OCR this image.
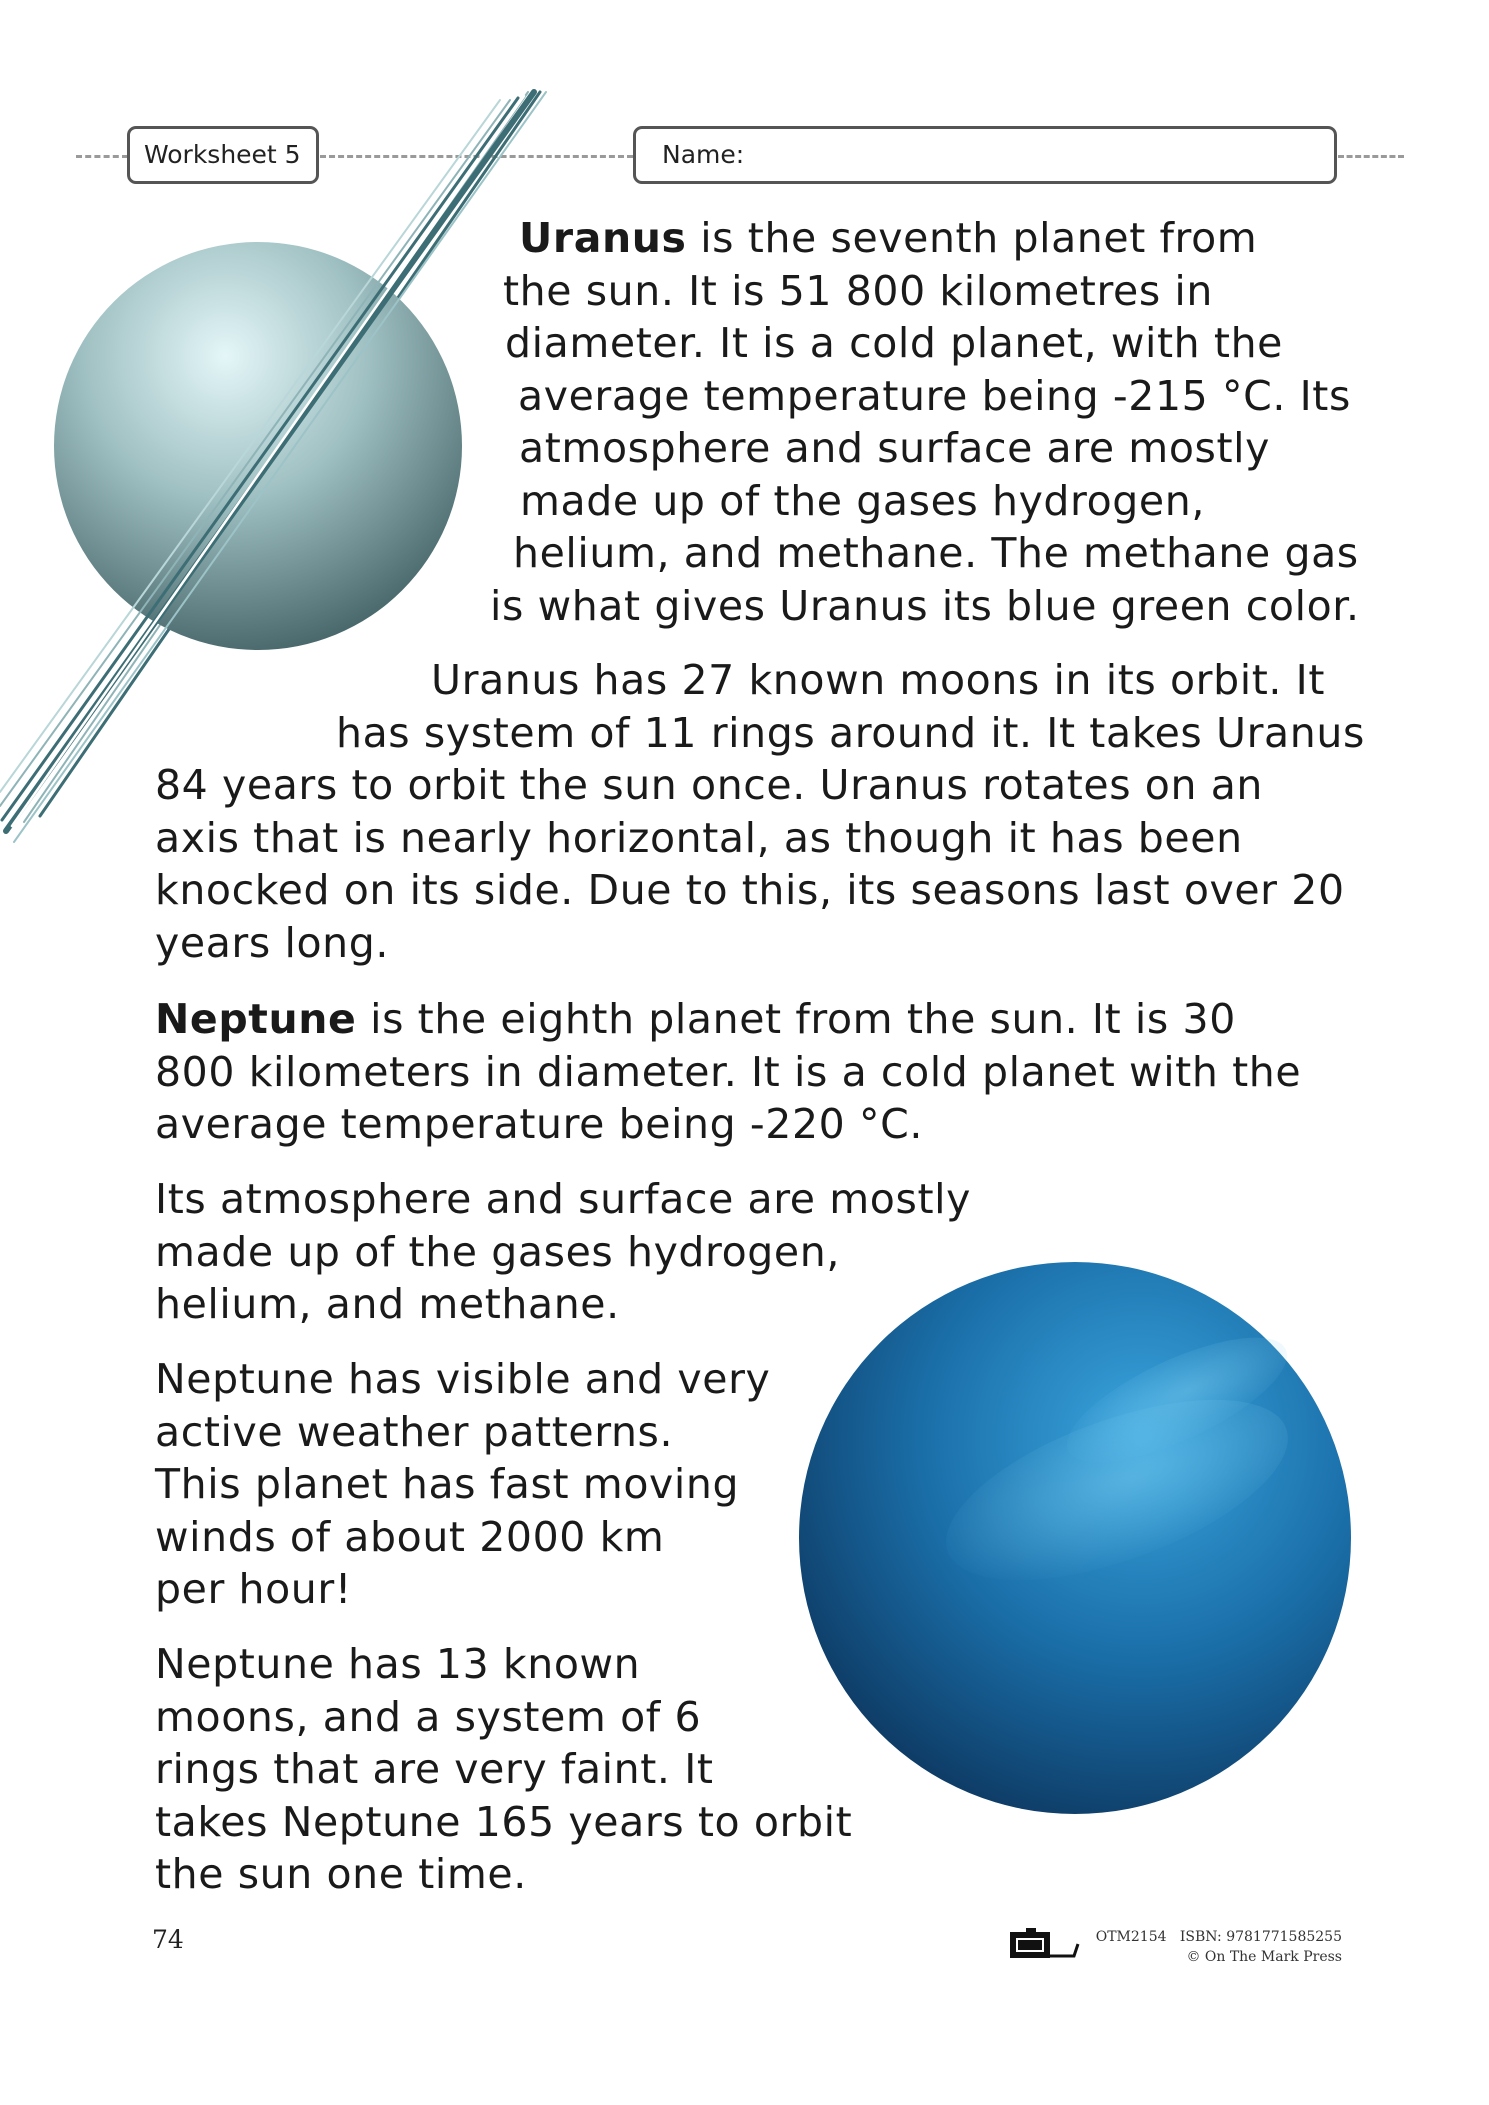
Worksheet 5	Name:
Uranus is the seventh planet from
the sun. It is 51 800 kilometres in
diameter. It is a cold planet, with the
average temperature being -215 °C. Its
atmosphere and surface are mostly
made up of the gases hydrogen,
helium, and methane. The methane gas
is what gives Uranus its blue green color.
Uranus has 27 known moons in its orbit. It
has system of 11 rings around it. It takes Uranus
84 years to orbit the sun once. Uranus rotates on an
axis that is nearly horizontal, as though it has been
knocked on its side. Due to this, its seasons last over 20
years long.
Neptune is the eighth planet from the sun. It is 30
800 kilometers in diameter. It is a cold planet with the
average temperature being -220 °C.
Its atmosphere and surface are mostly
made up of the gases hydrogen,
helium, and methane.
Neptune has visible and very
active weather patterns.
This planet has fast moving
winds of about 2000 km
per hour!
Neptune has 13 known
moons, and a system of 6
rings that are very faint. It
takes Neptune 165 years to orbit
the sun one time.
74	OTM2154 ISBN: 9781771585255
© On The Mark Press
